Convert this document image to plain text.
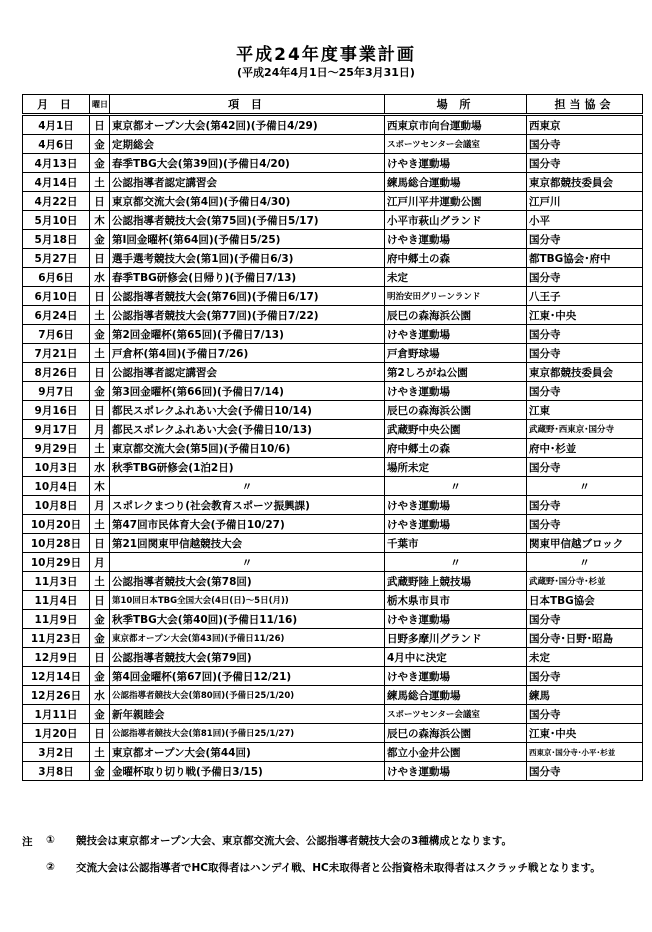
平成24年度事業計画
(平成24年4月1日～25年3月31日)
月 日	曜日	項 目	場 所	担当協会
4月1日	日	東京都オープン大会(第42回)(予備日4/29)	西東京市向台運動場	西東京
4月6日	金	定期総会	スポーツセンター会議室	国分寺
4月13日	金	春季TBG大会(第39回)(予備日4/20)	けやき運動場	国分寺
4月14日	土	公認指導者認定講習会	練馬総合運動場	東京都競技委員会
4月22日	日	東京都交流大会(第4回)(予備日4/30)	江戸川平井運動公園	江戸川
5月10日	木	公認指導者競技大会(第75回)(予備日5/17)	小平市萩山グランド	小平
5月18日	金	第Ⅰ回金曜杯(第64回)(予備日5/25)	けやき運動場	国分寺
5月27日	日	選手選考競技大会(第1回)(予備日6/3)	府中郷土の森	都TBG協会･府中
6月6日	水	春季TBG研修会(日帰り)(予備日7/13)	未定	国分寺
6月10日	日	公認指導者競技大会(第76回)(予備日6/17)	明治安田グリーンランド	八王子
6月24日	土	公認指導者競技大会(第77回)(予備日7/22)	辰巳の森海浜公園	江東･中央
7月6日	金	第2回金曜杯(第65回)(予備日7/13)	けやき運動場	国分寺
7月21日	土	戸倉杯(第4回)(予備日7/26)	戸倉野球場	国分寺
8月26日	日	公認指導者認定講習会	第2しろがね公園	東京都競技委員会
9月7日	金	第3回金曜杯(第66回)(予備日7/14)	けやき運動場	国分寺
9月16日	日	都民スポレクふれあい大会(予備日10/14)	辰巳の森海浜公園	江東
9月17日	月	都民スポレクふれあい大会(予備日10/13)	武蔵野中央公園	武蔵野･西東京･国分寺
9月29日	土	東京都交流大会(第5回)(予備日10/6)	府中郷土の森	府中･杉並
10月3日	水	秋季TBG研修会(1泊2日)	場所未定	国分寺
10月4日	木	〃	〃	〃
10月8日	月	スポレクまつり(社会教育スポーツ振興課)	けやき運動場	国分寺
10月20日	土	第47回市民体育大会(予備日10/27)	けやき運動場	国分寺
10月28日	日	第21回関東甲信越競技大会	千葉市	関東甲信越ブロック
10月29日	月	〃	〃	〃
11月3日	土	公認指導者競技大会(第78回)	武蔵野陸上競技場	武蔵野･国分寺･杉並
11月4日	日	第10回日本TBG全国大会(4日(日)～5日(月))	栃木県市貝市	日本TBG協会
11月9日	金	秋季TBG大会(第40回)(予備日11/16)	けやき運動場	国分寺
11月23日	金	東京都オープン大会(第43回)(予備日11/26)	日野多摩川グランド	国分寺･日野･昭島
12月9日	日	公認指導者競技大会(第79回)	4月中に決定	未定
12月14日	金	第4回金曜杯(第67回)(予備日12/21)	けやき運動場	国分寺
12月26日	水	公認指導者競技大会(第80回)(予備日25/1/20)	練馬総合運動場	練馬
1月11日	金	新年親睦会	スポーツセンター会議室	国分寺
1月20日	日	公認指導者競技大会(第81回)(予備日25/1/27)	辰巳の森海浜公園	江東･中央
3月2日	土	東京都オープン大会(第44回)	都立小金井公園	西東京･国分寺･小平･杉並
3月8日	金	金曜杯取り切り戦(予備日3/15)	けやき運動場	国分寺
注	①	競技会は東京都オープン大会、東京都交流大会、公認指導者競技大会の3種構成となります。
②	交流大会は公認指導者でHC取得者はハンデイ戦、HC未取得者と公指資格未取得者はスクラッチ戦となります。
